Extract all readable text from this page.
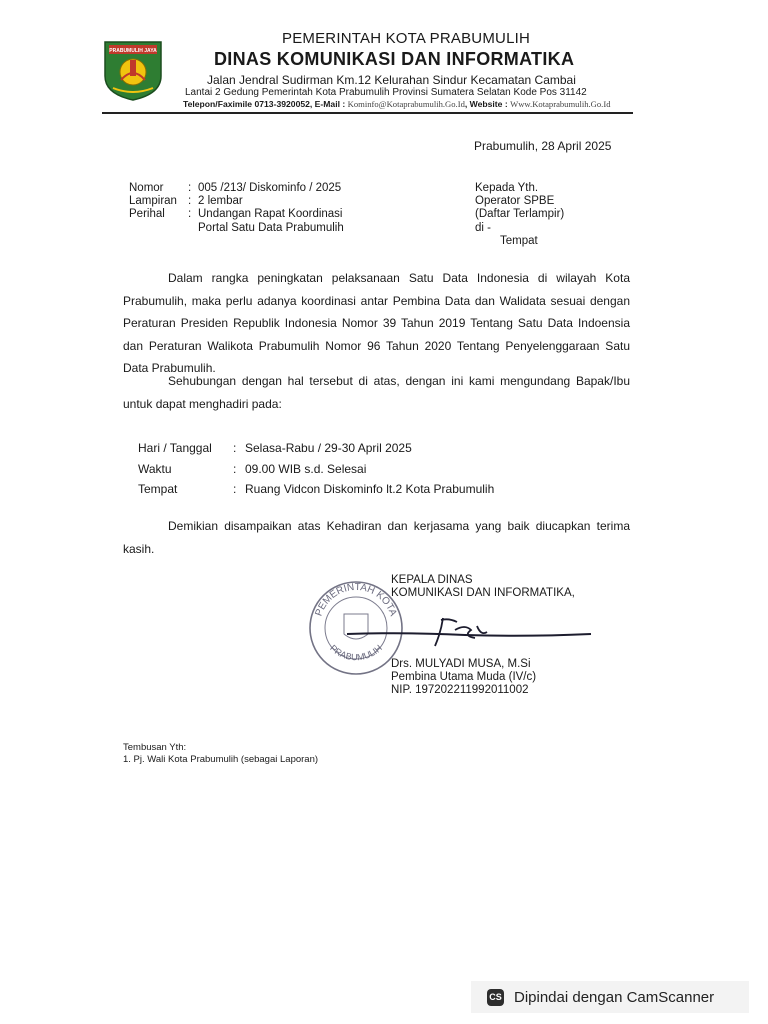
PRABUMULIH JAYA
PEMERINTAH KOTA PRABUMULIH
DINAS KOMUNIKASI DAN INFORMATIKA
Jalan Jendral Sudirman Km.12 Kelurahan Sindur Kecamatan Cambai
Lantai 2 Gedung Pemerintah Kota Prabumulih Provinsi Sumatera Selatan Kode Pos 31142
Telepon/Faximile 0713-3920052, E-Mail : Kominfo@Kotaprabumulih.Go.Id, Website : Www.Kotaprabumulih.Go.Id
Prabumulih, 28 April 2025
Nomor	: 005 /213/ Diskominfo / 2025
Lampiran : 2 lembar
Perihal	: Undangan Rapat Koordinasi
Portal Satu Data Prabumulih
Kepada Yth.
Operator SPBE
(Daftar Terlampir)
di -
Tempat
Dalam rangka peningkatan pelaksanaan Satu Data Indonesia di wilayah Kota Prabumulih, maka perlu adanya koordinasi antar Pembina Data dan Walidata sesuai dengan Peraturan Presiden Republik Indonesia Nomor 39 Tahun 2019 Tentang Satu Data Indoensia dan Peraturan Walikota Prabumulih Nomor 96 Tahun 2020 Tentang Penyelenggaraan Satu Data Prabumulih.
Sehubungan dengan hal tersebut di atas, dengan ini kami mengundang Bapak/Ibu untuk dapat menghadiri pada:
Hari / Tanggal	: Selasa-Rabu / 29-30 April 2025
Waktu	: 09.00 WIB s.d. Selesai
Tempat	: Ruang Vidcon Diskominfo lt.2 Kota Prabumulih
Demikian disampaikan atas Kehadiran dan kerjasama yang baik diucapkan terima kasih.
PEMERINTAH KOTA
PRABUMULIH
KEPALA DINAS
KOMUNIKASI DAN INFORMATIKA,
Drs. MULYADI MUSA, M.Si
Pembina Utama Muda (IV/c)
NIP. 197202211992011002
Tembusan Yth:
1. Pj. Wali Kota Prabumulih (sebagai Laporan)
CS Dipindai dengan CamScanner
